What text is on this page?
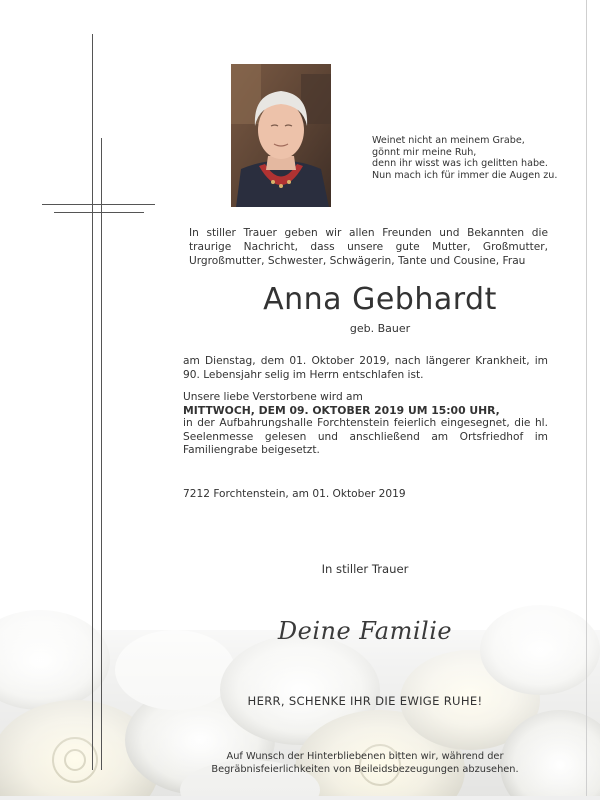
Weinet nicht an meinem Grabe,
gönnt mir meine Ruh,
denn ihr wisst was ich gelitten habe.
Nun mach ich für immer die Augen zu.
In stiller Trauer geben wir allen Freunden und Bekannten die traurige Nachricht, dass unsere gute Mutter, Großmutter, Urgroßmutter, Schwester, Schwägerin, Tante und Cousine, Frau
Anna Gebhardt
geb. Bauer
am Dienstag, dem 01. Oktober 2019, nach längerer Krankheit, im 90. Lebensjahr selig im Herrn entschlafen ist.
Unsere liebe Verstorbene wird am
MITTWOCH, DEM 09. OKTOBER 2019 UM 15:00 UHR,
in der Aufbahrungshalle Forchtenstein feierlich eingesegnet, die hl. Seelenmesse gelesen und anschließend am Ortsfriedhof im Familiengrabe beigesetzt.
7212 Forchtenstein, am 01. Oktober 2019
In stiller Trauer
Deine Familie
HERR, SCHENKE IHR DIE EWIGE RUHE!
Auf Wunsch der Hinterbliebenen bitten wir, während der
Begräbnisfeierlichkeiten von Beileidsbezeugungen abzusehen.
